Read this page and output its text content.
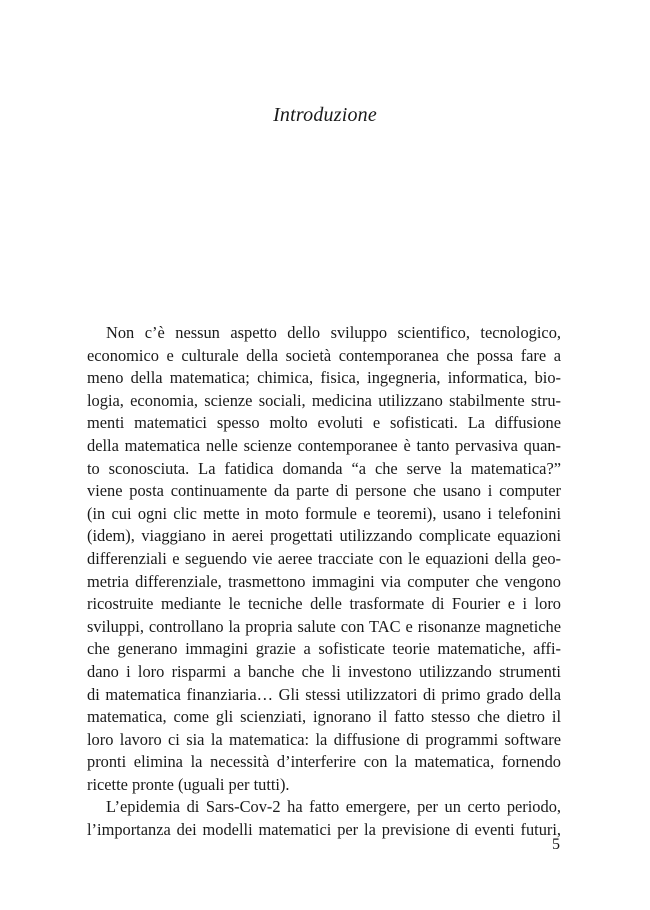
Introduzione
Non c’è nessun aspetto dello sviluppo scientifico, tecnologico,
economico e culturale della società contemporanea che possa fare a
meno della matematica; chimica, fisica, ingegneria, informatica, bio-
logia, economia, scienze sociali, medicina utilizzano stabilmente stru-
menti matematici spesso molto evoluti e sofisticati. La diffusione
della matematica nelle scienze contemporanee è tanto pervasiva quan-
to sconosciuta. La fatidica domanda “a che serve la matematica?”
viene posta continuamente da parte di persone che usano i computer
(in cui ogni clic mette in moto formule e teoremi), usano i telefonini
(idem), viaggiano in aerei progettati utilizzando complicate equazioni
differenziali e seguendo vie aeree tracciate con le equazioni della geo-
metria differenziale, trasmettono immagini via computer che vengono
ricostruite mediante le tecniche delle trasformate di Fourier e i loro
sviluppi, controllano la propria salute con TAC e risonanze magnetiche
che generano immagini grazie a sofisticate teorie matematiche, affi-
dano i loro risparmi a banche che li investono utilizzando strumenti
di matematica finanziaria… Gli stessi utilizzatori di primo grado della
matematica, come gli scienziati, ignorano il fatto stesso che dietro il
loro lavoro ci sia la matematica: la diffusione di programmi software
pronti elimina la necessità d’interferire con la matematica, fornendo
ricette pronte (uguali per tutti).
L’epidemia di Sars-Cov-2 ha fatto emergere, per un certo periodo,
l’importanza dei modelli matematici per la previsione di eventi futuri,
5
